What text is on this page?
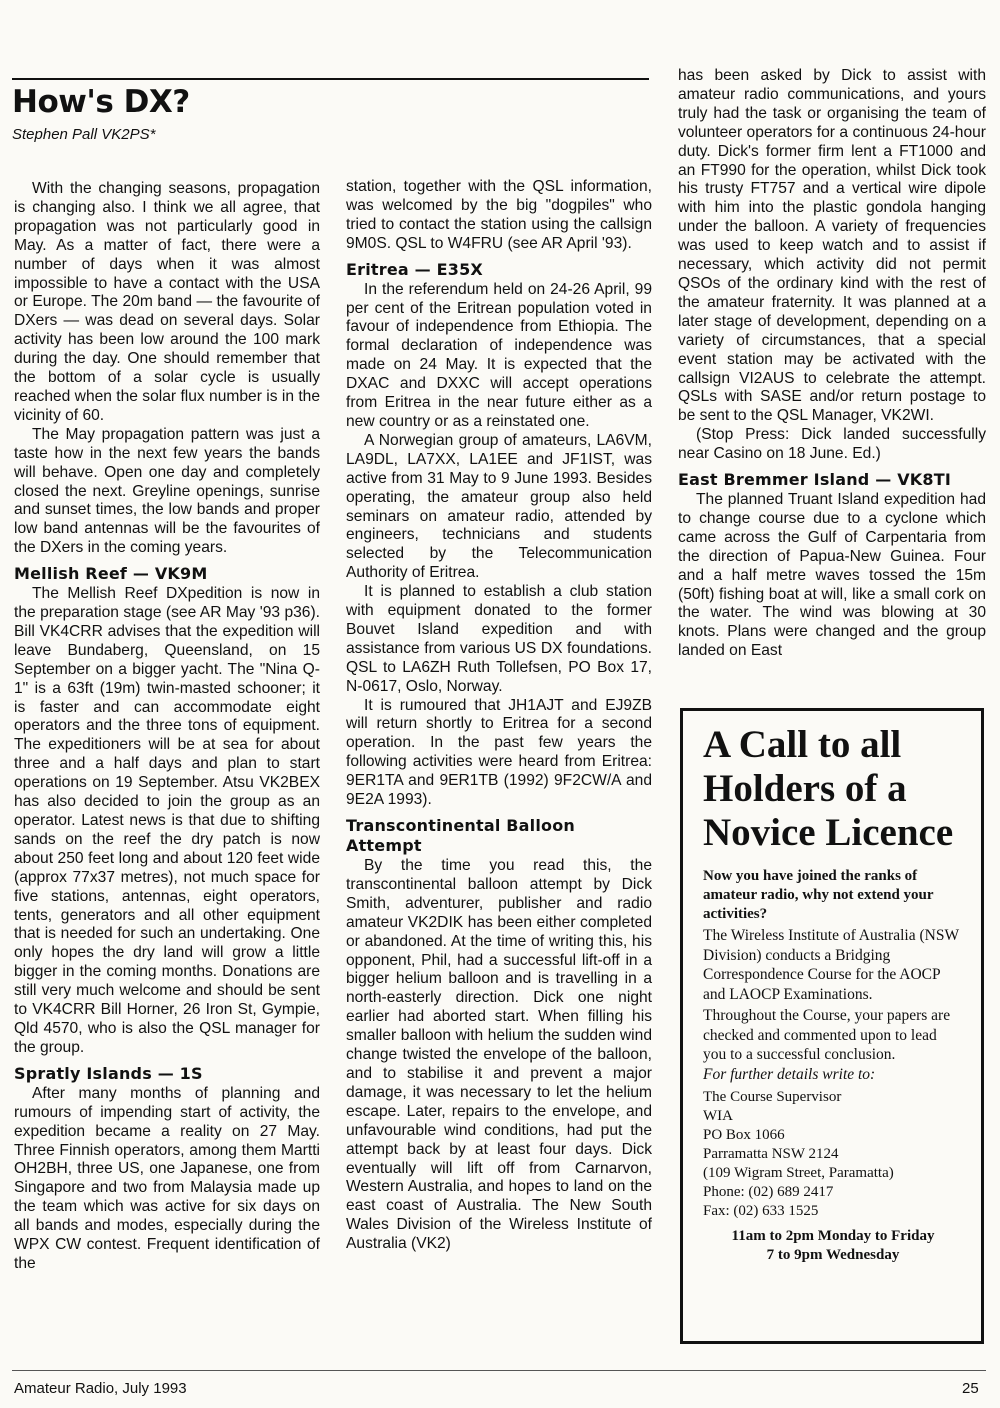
How's DX?

Stephen Pall VK2PS*

With the changing seasons, propagation is changing also. I think we all agree, that propagation was not particularly good in May. As a matter of fact, there were a number of days when it was almost impossible to have a contact with the USA or Europe. The 20m band — the favourite of DXers — was dead on several days. Solar activity has been low around the 100 mark during the day. One should remember that the bottom of a solar cycle is usually reached when the solar flux number is in the vicinity of 60.

The May propagation pattern was just a taste how in the next few years the bands will behave. Open one day and completely closed the next. Greyline openings, sunrise and sunset times, the low bands and proper low band antennas will be the favourites of the DXers in the coming years.

Mellish Reef — VK9M

The Mellish Reef DXpedition is now in the preparation stage (see AR May '93 p36). Bill VK4CRR advises that the expedition will leave Bundaberg, Queensland, on 15 September on a bigger yacht. The "Nina Q-1" is a 63ft (19m) twin-masted schooner; it is faster and can accommodate eight operators and the three tons of equipment. The expeditioners will be at sea for about three and a half days and plan to start operations on 19 September. Atsu VK2BEX has also decided to join the group as an operator. Latest news is that due to shifting sands on the reef the dry patch is now about 250 feet long and about 120 feet wide (approx 77x37 metres), not much space for five stations, antennas, eight operators, tents, generators and all other equipment that is needed for such an undertaking. One only hopes the dry land will grow a little bigger in the coming months. Donations are still very much welcome and should be sent to VK4CRR Bill Horner, 26 Iron St, Gympie, Qld 4570, who is also the QSL manager for the group.

Spratly Islands — 1S

After many months of planning and rumours of impending start of activity, the expedition became a reality on 27 May. Three Finnish operators, among them Martti OH2BH, three US, one Japanese, one from Singapore and two from Malaysia made up the team which was active for six days on all bands and modes, especially during the WPX CW contest. Frequent identification of the

station, together with the QSL information, was welcomed by the big "dogpiles" who tried to contact the station using the callsign 9M0S. QSL to W4FRU (see AR April '93).

Eritrea — E35X

In the referendum held on 24-26 April, 99 per cent of the Eritrean population voted in favour of independence from Ethiopia. The formal declaration of independence was made on 24 May. It is expected that the DXAC and DXXC will accept operations from Eritrea in the near future either as a new country or as a reinstated one.

A Norwegian group of amateurs, LA6VM, LA9DL, LA7XX, LA1EE and JF1IST, was active from 31 May to 9 June 1993. Besides operating, the amateur group also held seminars on amateur radio, attended by engineers, technicians and students selected by the Telecommunication Authority of Eritrea.

It is planned to establish a club station with equipment donated to the former Bouvet Island expedition and with assistance from various US DX foundations. QSL to LA6ZH Ruth Tollefsen, PO Box 17, N-0617, Oslo, Norway.

It is rumoured that JH1AJT and EJ9ZB will return shortly to Eritrea for a second operation. In the past few years the following activities were heard from Eritrea: 9ER1TA and 9ER1TB (1992) 9F2CW/A and 9E2A 1993).

Transcontinental Balloon Attempt

By the time you read this, the transcontinental balloon attempt by Dick Smith, adventurer, publisher and radio amateur VK2DIK has been either completed or abandoned. At the time of writing this, his opponent, Phil, had a successful lift-off in a bigger helium balloon and is travelling in a north-easterly direction. Dick one night earlier had aborted start. When filling his smaller balloon with helium the sudden wind change twisted the envelope of the balloon, and to stabilise it and prevent a major damage, it was necessary to let the helium escape. Later, repairs to the envelope, and unfavourable wind conditions, had put the attempt back by at least four days. Dick eventually will lift off from Carnarvon, Western Australia, and hopes to land on the east coast of Australia. The New South Wales Division of the Wireless Institute of Australia (VK2)

has been asked by Dick to assist with amateur radio communications, and yours truly had the task or organising the team of volunteer operators for a continuous 24-hour duty. Dick's former firm lent a FT1000 and an FT990 for the operation, whilst Dick took his trusty FT757 and a vertical wire dipole with him into the plastic gondola hanging under the balloon. A variety of frequencies was used to keep watch and to assist if necessary, which activity did not permit QSOs of the ordinary kind with the rest of the amateur fraternity. It was planned at a later stage of development, depending on a variety of circumstances, that a special event station may be activated with the callsign VI2AUS to celebrate the attempt. QSLs with SASE and/or return postage to be sent to the QSL Manager, VK2WI.

(Stop Press: Dick landed successfully near Casino on 18 June. Ed.)

East Bremmer Island — VK8TI

The planned Truant Island expedition had to change course due to a cyclone which came across the Gulf of Carpentaria from the direction of Papua-New Guinea. Four and a half metre waves tossed the 15m (50ft) fishing boat at will, like a small cork on the water. The wind was blowing at 30 knots. Plans were changed and the group landed on East

A Call to all Holders of a Novice Licence

Now you have joined the ranks of amateur radio, why not extend your activities?

The Wireless Institute of Australia (NSW Division) conducts a Bridging Correspondence Course for the AOCP and LAOCP Examinations.

Throughout the Course, your papers are checked and commented upon to lead you to a successful conclusion.

For further details write to:

The Course Supervisor
WIA
PO Box 1066
Parramatta NSW 2124
(109 Wigram Street, Paramatta)
Phone: (02) 689 2417
Fax: (02) 633 1525
11am to 2pm Monday to Friday
7 to 9pm Wednesday
Amateur Radio, July 1993	25
